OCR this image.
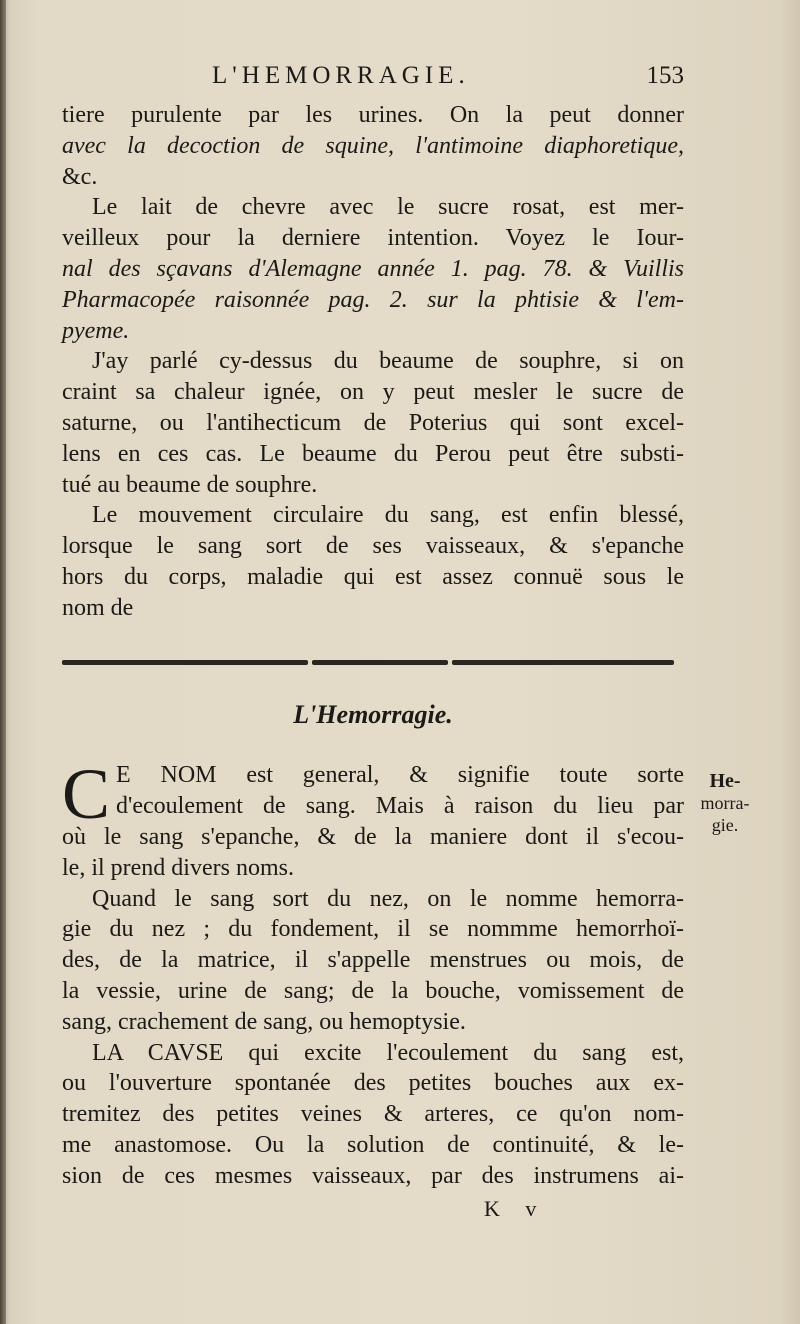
L'HEMORRAGIE.	153
tiere purulente par les urines. On la peut donner
avec la decoction de squine, l'antimoine diaphoretique,
&c.
Le lait de chevre avec le sucre rosat, est mer-
veilleux pour la derniere intention. Voyez le Iour-
nal des sçavans d'Alemagne année 1. pag. 78. & Vuillis
Pharmacopée raisonnée pag. 2. sur la phtisie & l'em-
pyeme.
J'ay parlé cy-dessus du beaume de souphre, si on
craint sa chaleur ignée, on y peut mesler le sucre de
saturne, ou l'antihecticum de Poterius qui sont excel-
lens en ces cas. Le beaume du Perou peut être substi-
tué au beaume de souphre.
Le mouvement circulaire du sang, est enfin blessé,
lorsque le sang sort de ses vaisseaux, & s'epanche
hors du corps, maladie qui est assez connuë sous le
nom de
L'Hemorragie.
He-
morra-
gie.
C E NOM est general, & signifie toute sorte
d'ecoulement de sang. Mais à raison du lieu par
où le sang s'epanche, & de la maniere dont il s'ecou-
le, il prend divers noms.
Quand le sang sort du nez, on le nomme hemorra-
gie du nez ; du fondement, il se nommme hemorrhoï-
des, de la matrice, il s'appelle menstrues ou mois, de
la vessie, urine de sang; de la bouche, vomissement de
sang, crachement de sang, ou hemoptysie.
LA CAVSE qui excite l'ecoulement du sang est,
ou l'ouverture spontanée des petites bouches aux ex-
tremitez des petites veines & arteres, ce qu'on nom-
me anastomose. Ou la solution de continuité, & le-
sion de ces mesmes vaisseaux, par des instrumens ai-
K v
